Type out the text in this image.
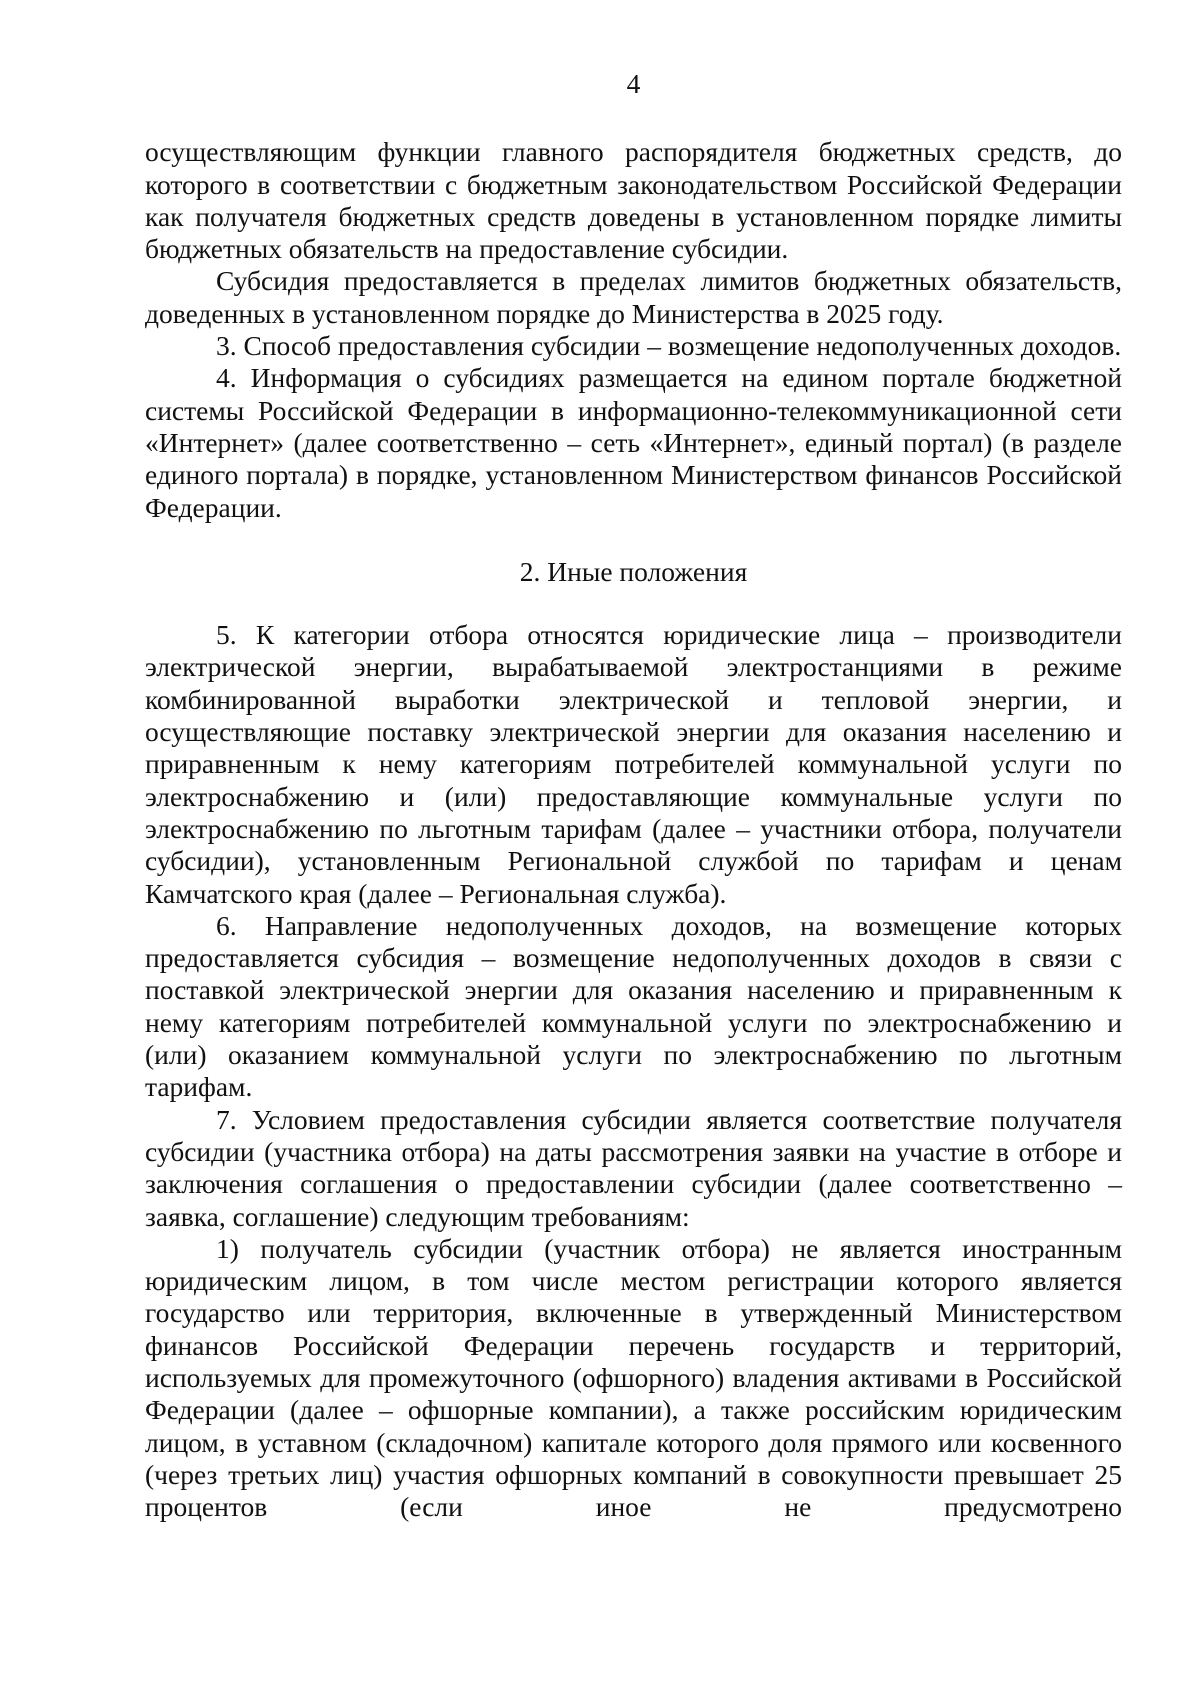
4

осуществляющим функции главного распорядителя бюджетных средств, до которого в соответствии с бюджетным законодательством Российской Федерации как получателя бюджетных средств доведены в установленном порядке лимиты бюджетных обязательств на предоставление субсидии.

Субсидия предоставляется в пределах лимитов бюджетных обязательств, доведенных в установленном порядке до Министерства в 2025 году.

3. Способ предоставления субсидии – возмещение недополученных доходов.

4. Информация о субсидиях размещается на едином портале бюджетной системы Российской Федерации в информационно-телекоммуникационной сети «Интернет» (далее соответственно – сеть «Интернет», единый портал) (в разделе единого портала) в порядке, установленном Министерством финансов Российской Федерации.

2. Иные положения

5. К категории отбора относятся юридические лица – производители электрической энергии, вырабатываемой электростанциями в режиме комбинированной выработки электрической и тепловой энергии, и осуществляющие поставку электрической энергии для оказания населению и приравненным к нему категориям потребителей коммунальной услуги по электроснабжению и (или) предоставляющие коммунальные услуги по электроснабжению по льготным тарифам (далее – участники отбора, получатели субсидии), установленным Региональной службой по тарифам и ценам Камчатского края (далее – Региональная служба).

6. Направление недополученных доходов, на возмещение которых предоставляется субсидия – возмещение недополученных доходов в связи с поставкой электрической энергии для оказания населению и приравненным к нему категориям потребителей коммунальной услуги по электроснабжению и (или) оказанием коммунальной услуги по электроснабжению по льготным тарифам.

7. Условием предоставления субсидии является соответствие получателя субсидии (участника отбора) на даты рассмотрения заявки на участие в отборе и заключения соглашения о предоставлении субсидии (далее соответственно – заявка, соглашение) следующим требованиям:

1) получатель субсидии (участник отбора) не является иностранным юридическим лицом, в том числе местом регистрации которого является государство или территория, включенные в утвержденный Министерством финансов Российской Федерации перечень государств и территорий, используемых для промежуточного (офшорного) владения активами в Российской Федерации (далее – офшорные компании), а также российским юридическим лицом, в уставном (складочном) капитале которого доля прямого или косвенного (через третьих лиц) участия офшорных компаний в совокупности превышает 25 процентов (если иное не предусмотрено
